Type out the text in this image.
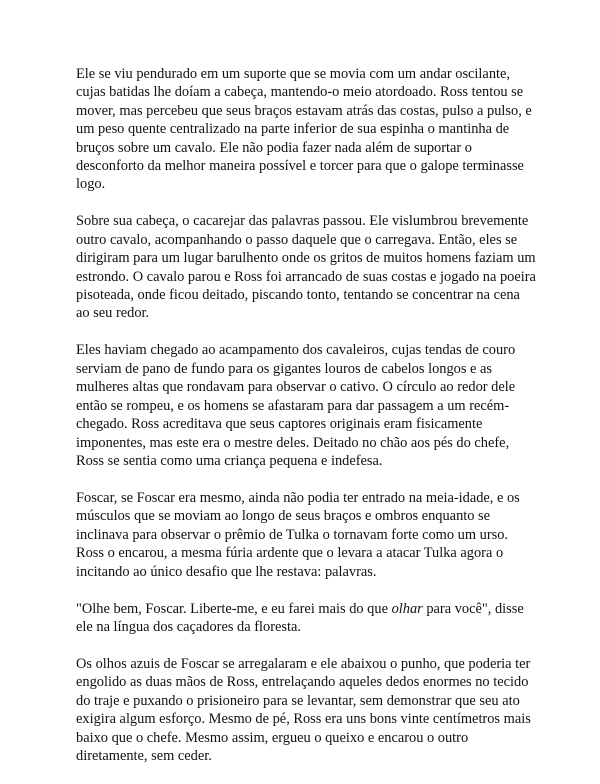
Ele se viu pendurado em um suporte que se movia com um andar oscilante, cujas batidas lhe doíam a cabeça, mantendo-o meio atordoado. Ross tentou se mover, mas percebeu que seus braços estavam atrás das costas, pulso a pulso, e um peso quente centralizado na parte inferior de sua espinha o mantinha de bruços sobre um cavalo. Ele não podia fazer nada além de suportar o desconforto da melhor maneira possível e torcer para que o galope terminasse logo.

Sobre sua cabeça, o cacarejar das palavras passou. Ele vislumbrou brevemente outro cavalo, acompanhando o passo daquele que o carregava. Então, eles se dirigiram para um lugar barulhento onde os gritos de muitos homens faziam um estrondo. O cavalo parou e Ross foi arrancado de suas costas e jogado na poeira pisoteada, onde ficou deitado, piscando tonto, tentando se concentrar na cena ao seu redor.

Eles haviam chegado ao acampamento dos cavaleiros, cujas tendas de couro serviam de pano de fundo para os gigantes louros de cabelos longos e as mulheres altas que rondavam para observar o cativo. O círculo ao redor dele então se rompeu, e os homens se afastaram para dar passagem a um recém-chegado. Ross acreditava que seus captores originais eram fisicamente imponentes, mas este era o mestre deles. Deitado no chão aos pés do chefe, Ross se sentia como uma criança pequena e indefesa.

Foscar, se Foscar era mesmo, ainda não podia ter entrado na meia-idade, e os músculos que se moviam ao longo de seus braços e ombros enquanto se inclinava para observar o prêmio de Tulka o tornavam forte como um urso. Ross o encarou, a mesma fúria ardente que o levara a atacar Tulka agora o incitando ao único desafio que lhe restava: palavras.

"Olhe bem, Foscar. Liberte-me, e eu farei mais do que olhar para você", disse ele na língua dos caçadores da floresta.

Os olhos azuis de Foscar se arregalaram e ele abaixou o punho, que poderia ter engolido as duas mãos de Ross, entrelaçando aqueles dedos enormes no tecido do traje e puxando o prisioneiro para se levantar, sem demonstrar que seu ato exigira algum esforço. Mesmo de pé, Ross era uns bons vinte centímetros mais baixo que o chefe. Mesmo assim, ergueu o queixo e encarou o outro diretamente, sem ceder.
